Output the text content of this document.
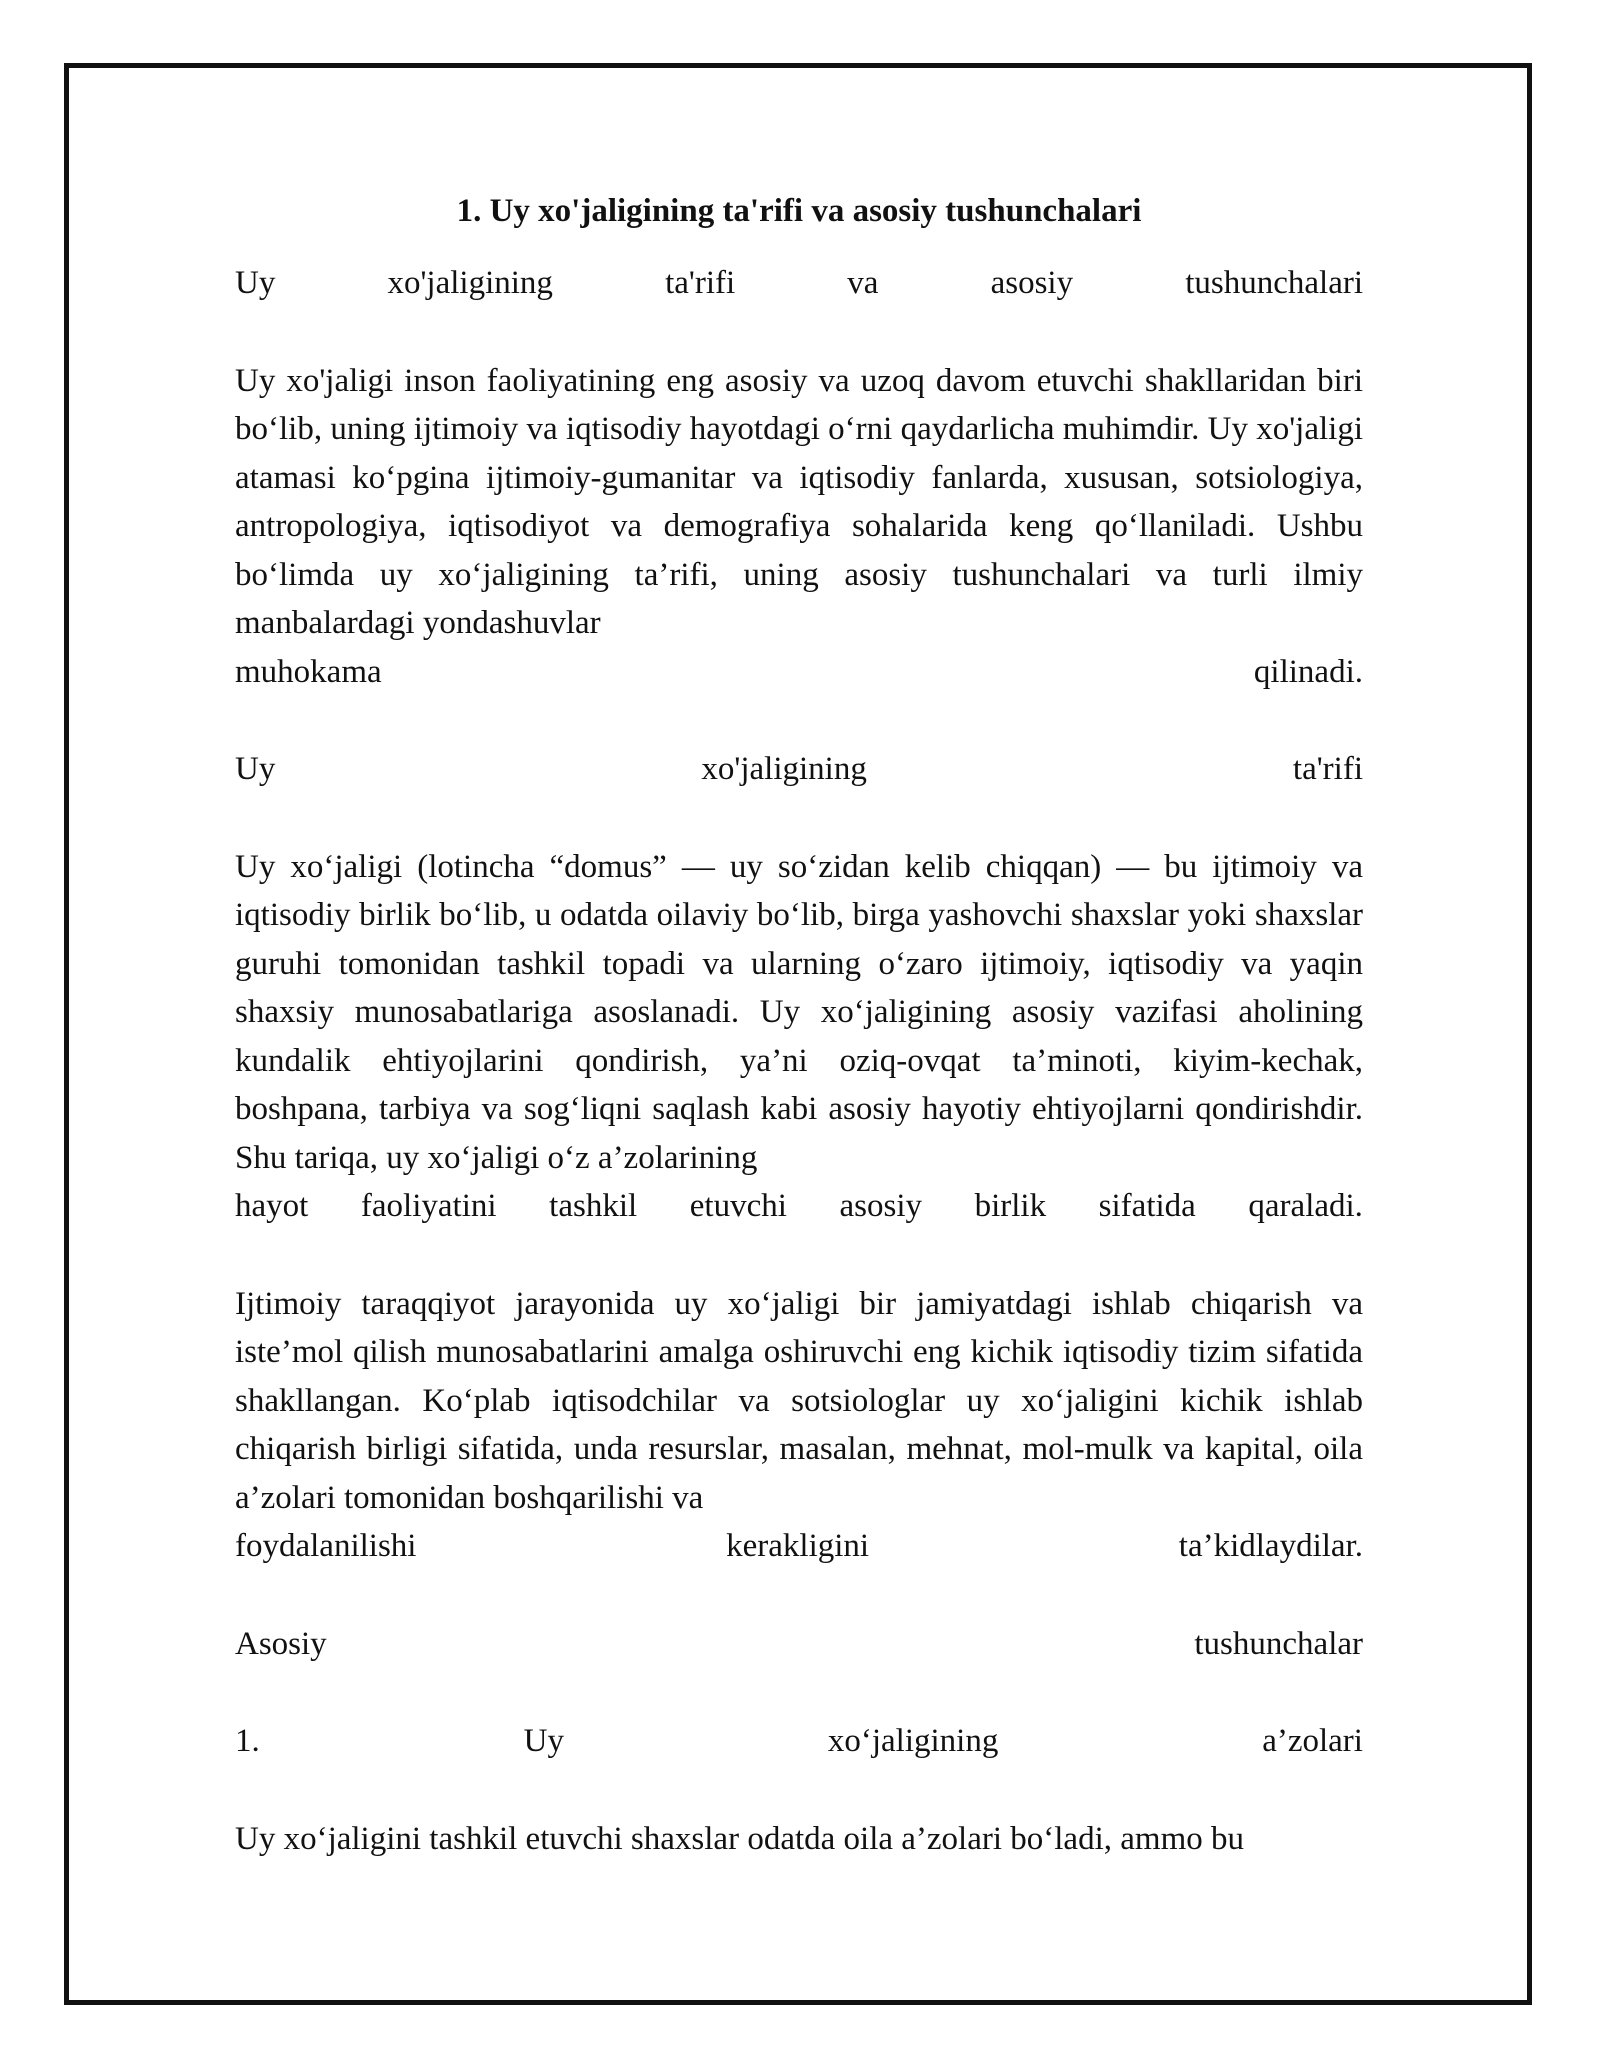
1. Uy xo'jaligining ta'rifi va asosiy tushunchalari
Uy	xo'jaligining	ta'rifi	va	asosiy	tushunchalari
Uy xo'jaligi inson faoliyatining eng asosiy va uzoq davom etuvchi shakllaridan biri bo‘lib, uning ijtimoiy va iqtisodiy hayotdagi o‘rni qaydarlicha muhimdir. Uy xo'jaligi atamasi ko‘pgina ijtimoiy-gumanitar va iqtisodiy fanlarda, xususan, sotsiologiya, antropologiya, iqtisodiyot va demografiya sohalarida keng qo‘llaniladi. Ushbu bo‘limda uy xo‘jaligining ta’rifi, uning asosiy tushunchalari va turli ilmiy manbalardagi yondashuvlar
muhokama	qilinadi.
Uy	xo'jaligining	ta'rifi
Uy xo‘jaligi (lotincha “domus” — uy so‘zidan kelib chiqqan) — bu ijtimoiy va iqtisodiy birlik bo‘lib, u odatda oilaviy bo‘lib, birga yashovchi shaxslar yoki shaxslar guruhi tomonidan tashkil topadi va ularning o‘zaro ijtimoiy, iqtisodiy va yaqin shaxsiy munosabatlariga asoslanadi. Uy xo‘jaligining asosiy vazifasi aholining kundalik ehtiyojlarini qondirish, ya’ni oziq-ovqat ta’minoti, kiyim-kechak, boshpana, tarbiya va sog‘liqni saqlash kabi asosiy hayotiy ehtiyojlarni qondirishdir. Shu tariqa, uy xo‘jaligi o‘z a’zolarining
hayot faoliyatini tashkil etuvchi asosiy birlik sifatida qaraladi.
Ijtimoiy taraqqiyot jarayonida uy xo‘jaligi bir jamiyatdagi ishlab chiqarish va iste’mol qilish munosabatlarini amalga oshiruvchi eng kichik iqtisodiy tizim sifatida shakllangan. Ko‘plab iqtisodchilar va sotsiologlar uy xo‘jaligini kichik ishlab chiqarish birligi sifatida, unda resurslar, masalan, mehnat, mol-mulk va kapital, oila a’zolari tomonidan boshqarilishi va
foydalanilishi	kerakligini	ta’kidlaydilar.
Asosiy	tushunchalar
1.	Uy	xo‘jaligining	a’zolari
Uy xo‘jaligini tashkil etuvchi shaxslar odatda oila a’zolari bo‘ladi, ammo bu
